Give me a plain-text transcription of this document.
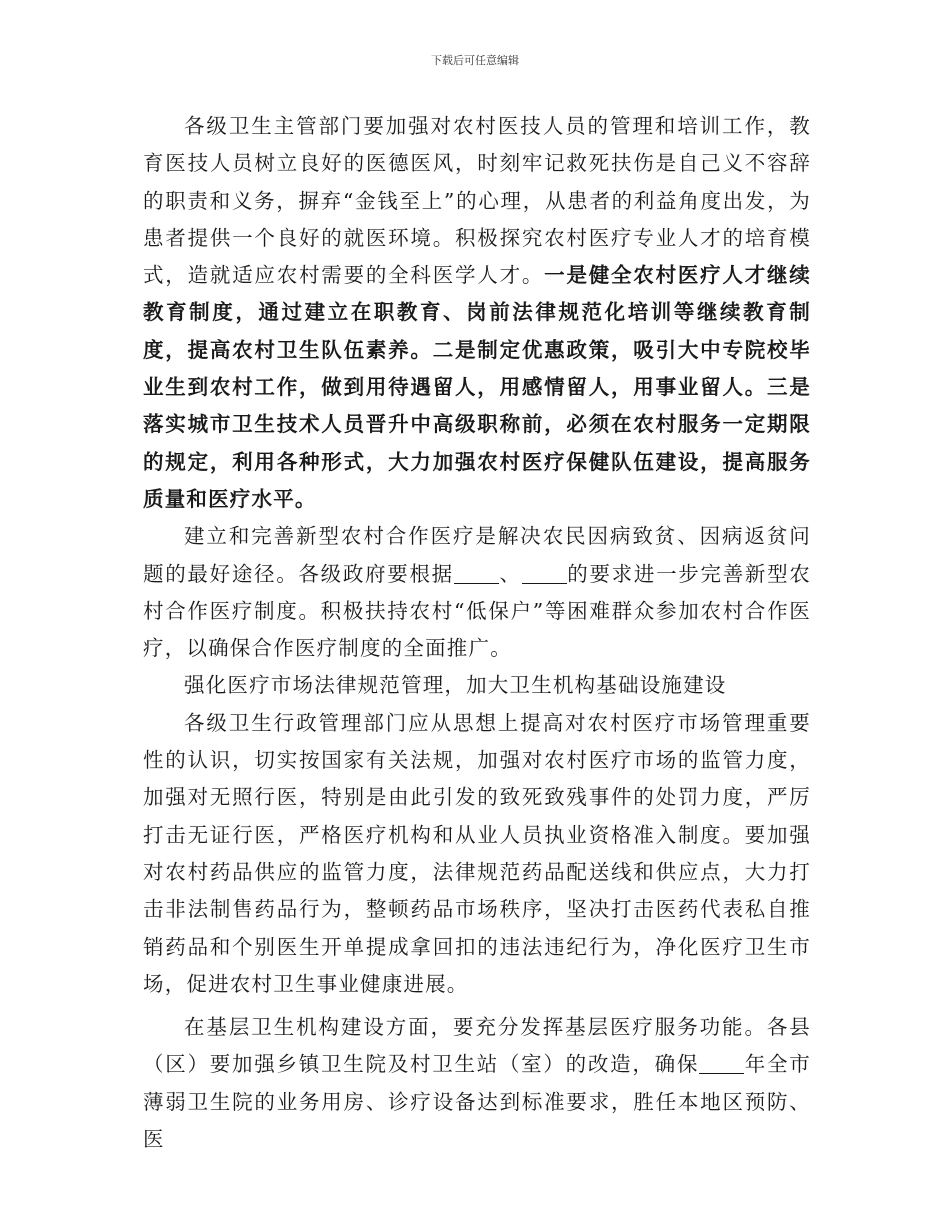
下载后可任意编辑

各级卫生主管部门要加强对农村医技人员的管理和培训工作，教育医技人员树立良好的医德医风，时刻牢记救死扶伤是自己义不容辞的职责和义务，摒弃“金钱至上”的心理，从患者的利益角度出发，为患者提供一个良好的就医环境。积极探究农村医疗专业人才的培育模式，造就适应农村需要的全科医学人才。一是健全农村医疗人才继续教育制度，通过建立在职教育、岗前法律规范化培训等继续教育制度，提高农村卫生队伍素养。二是制定优惠政策，吸引大中专院校毕业生到农村工作，做到用待遇留人，用感情留人，用事业留人。三是落实城市卫生技术人员晋升中高级职称前，必须在农村服务一定期限的规定，利用各种形式，大力加强农村医疗保健队伍建设，提高服务质量和医疗水平。

建立和完善新型农村合作医疗是解决农民因病致贫、因病返贫问题的最好途径。各级政府要根据 、 的要求进一步完善新型农村合作医疗制度。积极扶持农村“低保户”等困难群众参加农村合作医疗，以确保合作医疗制度的全面推广。

强化医疗市场法律规范管理，加大卫生机构基础设施建设

各级卫生行政管理部门应从思想上提高对农村医疗市场管理重要性的认识，切实按国家有关法规，加强对农村医疗市场的监管力度，加强对无照行医，特别是由此引发的致死致残事件的处罚力度，严厉打击无证行医，严格医疗机构和从业人员执业资格准入制度。要加强对农村药品供应的监管力度，法律规范药品配送线和供应点，大力打击非法制售药品行为，整顿药品市场秩序，坚决打击医药代表私自推销药品和个别医生开单提成拿回扣的违法违纪行为，净化医疗卫生市场，促进农村卫生事业健康进展。

在基层卫生机构建设方面，要充分发挥基层医疗服务功能。各县（区）要加强乡镇卫生院及村卫生站（室）的改造，确保 年全市薄弱卫生院的业务用房、诊疗设备达到标准要求，胜任本地区预防、医
